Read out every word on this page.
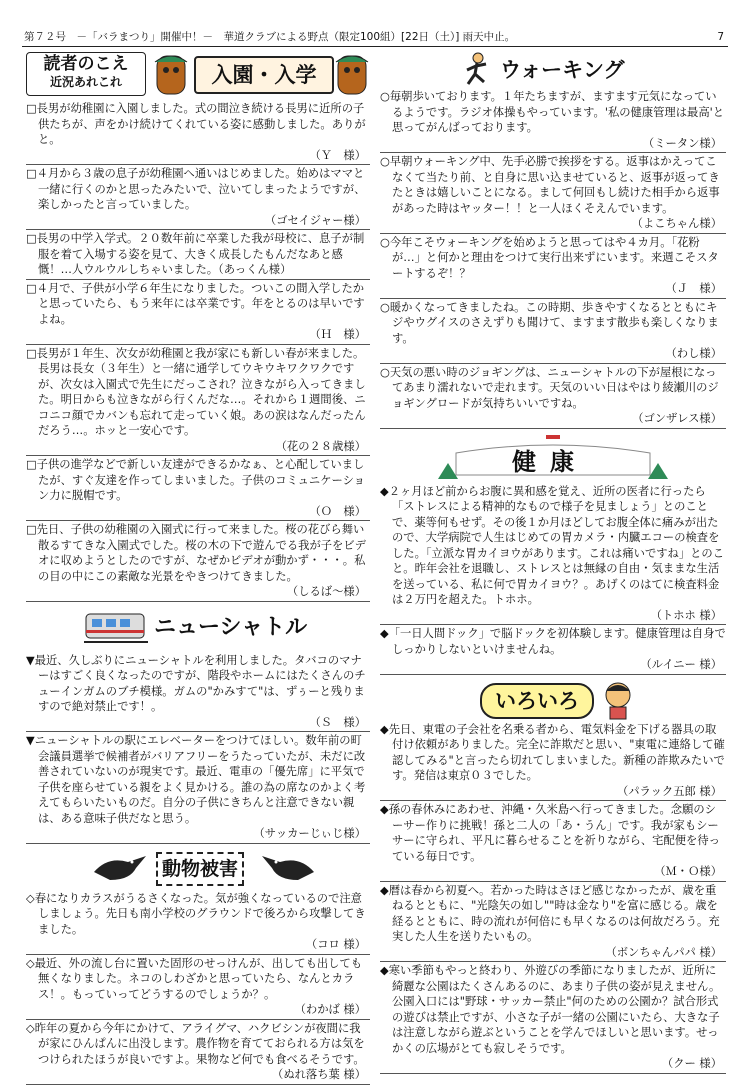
第７２号　 －「バラまつり」開催中！－　華道クラブによる野点（限定100組）[22日（土）] 雨天中止。	7
読者のこえ
近況あれこれ	入園・入学
□長男が幼稚園に入園しました。式の間泣き続ける長男に近所の子供たちが、声をかけ続けてくれている姿に感動しました。ありがと。
（Ｙ　様）
□４月から３歳の息子が幼稚園へ通いはじめました。始めはママと一緒に行くのかと思ったみたいで、泣いてしまったようですが、楽しかったと言っていました。
（ゴセイジャー様）
□長男の中学入学式。２０数年前に卒業した我が母校に、息子が制服を着て入場する姿を見て、大きく成長したもんだなあと感慨！…人ウルウルしちゃいました。（あっくん様）
□４月で、子供が小学６年生になりました。ついこの間入学したかと思っていたら、もう来年には卒業です。年をとるのは早いですよね。
（Ｈ　様）
□長男が１年生、次女が幼稚園と我が家にも新しい春が来ました。長男は長女（３年生）と一緒に通学してウキウキワクワクですが、次女は入園式で先生にだっこされ？泣きながら入ってきました。明日からも泣きながら行くんだな…。それから１週間後、ニコニコ顔でカバンも忘れて走っていく娘。あの涙はなんだったんだろう…。ホッと一安心です。
（花の２８歳様）
□子供の進学などで新しい友達ができるかなぁ、と心配していましたが、すぐ友達を作ってしまいました。子供のコミュニケーション力に脱帽です。
（Ｏ　様）
□先日、子供の幼稚園の入園式に行って来ました。桜の花びら舞い散るすてきな入園式でした。桜の木の下で遊んでる我が子をビデオに収めようとしたのですが、なぜかビデオが動かず・・・。私の目の中にこの素敵な光景をやきつけてきました。
（しるば～様）
ニューシャトル
▼最近、久しぶりにニューシャトルを利用しました。タバコのマナーはすごく良くなったのですが、階段やホームにはたくさんのチューインガムのブチ模様。ガムの"かみすて"は、ずぅーと残りますので絶対禁止です！。
（Ｓ　様）
▼ニューシャトルの駅にエレベーターをつけてほしい。数年前の町会議員選挙で候補者がバリアフリーをうたっていたが、未だに改善されていないのが現実です。最近、電車の「優先席」に平気で子供を座らせている親をよく見かける。誰の為の席なのかよく考えてもらいたいものだ。自分の子供にきちんと注意できない親は、ある意味子供だなと思う。
（サッカーじぃじ様）
動物被害
◇春になりカラスがうるさくなった。気が強くなっているので注意しましょう。先日も南小学校のグラウンドで後ろから攻撃してきました。
（コロ 様）
◇最近、外の流し台に置いた固形のせっけんが、出しても出しても無くなりました。ネコのしわざかと思っていたら、なんとカラス！。もっていってどうするのでしょうか？。
（わかば 様）
◇昨年の夏から今年にかけて、アライグマ、ハクビシンが夜間に我が家にひんぱんに出没します。農作物を育てておられる方は気をつけられたほうが良いですよ。果物など何でも食べるそうです。
（ぬれ落ち葉 様）
ウォーキング
○毎朝歩いております。１年たちますが、ますます元気になっているようです。ラジオ体操もやっています。'私の健康管理は最高'と思ってがんばっております。
（ミータン様）
○早朝ウォーキング中、先手必勝で挨拶をする。返事はかえってこなくて当たり前、と自身に思い込ませていると、返事が返ってきたときは嬉しいことになる。まして何回もし続けた相手から返事があった時はヤッター！！と一人ほくそえんでいます。
（よこちゃん様）
○今年こそウォーキングを始めようと思ってはや４カ月。「花粉が…」と何かと理由をつけて実行出来ずにいます。来週こそスタートするぞ！？
（Ｊ　様）
○暖かくなってきましたね。この時期、歩きやすくなるとともにキジやウグイスのさえずりも聞けて、ますます散歩も楽しくなります。
（わし様）
○天気の悪い時のジョギングは、ニューシャトルの下が屋根になってあまり濡れないで走れます。天気のいい日はやはり綾瀬川のジョギングロードが気持ちいいですね。
（ゴンザレス様）
健康
◆２ヶ月ほど前からお腹に異和感を覚え、近所の医者に行ったら「ストレスによる精神的なもので様子を見ましょう」とのことで、薬等何もせず。その後１か月ほどしてお腹全体に痛みが出たので、大学病院で人生はじめての胃カメラ・内臓エコーの検査をした。「立派な胃カイヨウがあります。これは痛いですね」とのこと。昨年会社を退職し、ストレスとは無縁の自由・気ままな生活を送っている、私に何で胃カイヨウ？。あげくのはてに検査料金は２万円を超えた。トホホ。
（トホホ 様）
◆「一日人間ドック」で脳ドックを初体験します。健康管理は自身でしっかりしないといけませんね。
（ルイニー 様）
いろいろ
◆先日、東電の子会社を名乗る者から、電気料金を下げる器具の取付け依頼がありました。完全に詐欺だと思い、"東電に連絡して確認してみる"と言ったら切れてしまいました。新種の詐欺みたいです。発信は東京０３でした。
（パラック五郎 様）
◆孫の春休みにあわせ、沖縄・久米島へ行ってきました。念願のシーサー作りに挑戦！孫と二人の「あ・うん」です。我が家もシーサーに守られ、平凡に暮らせることを祈りながら、宅配便を待っている毎日です。
（Ｍ・Ｏ様）
◆暦は春から初夏へ。若かった時はさほど感じなかったが、歳を重ねるとともに、"光陰矢の如し""時は金なり"を富に感じる。歳を経るとともに、時の流れが何倍にも早くなるのは何故だろう。充実した人生を送りたいもの。
（ボンちゃんパパ 様）
◆寒い季節もやっと終わり、外遊びの季節になりましたが、近所に綺麗な公園はたくさんあるのに、あまり子供の姿が見えません。公園入口には"野球・サッカー禁止"何のための公園か？試合形式の遊びは禁止ですが、小さな子が一緒の公園にいたら、大きな子は注意しながら遊ぶということを学んでほしいと思います。せっかくの広場がとても寂しそうです。
（クー 様）
